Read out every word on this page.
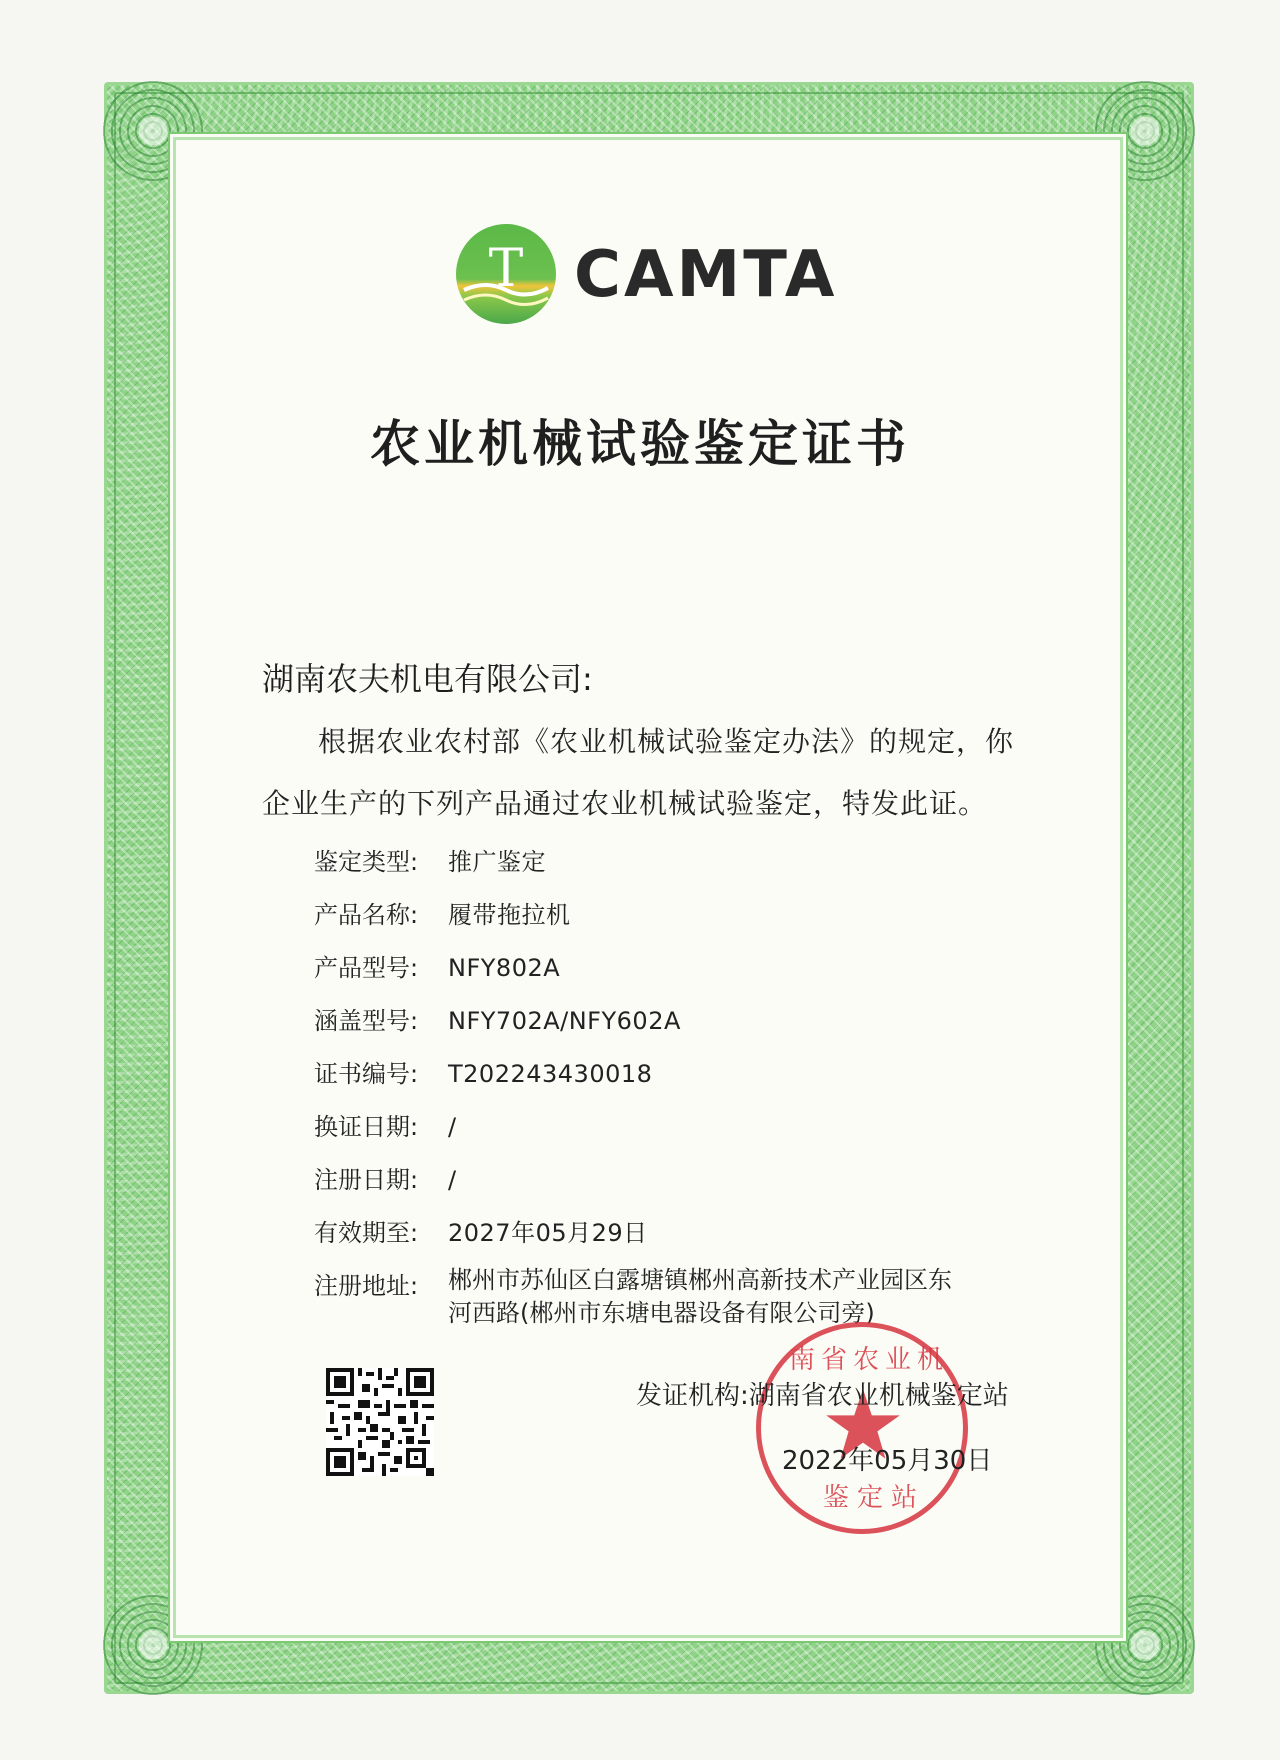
T CAMTA
农业机械试验鉴定证书
湖南农夫机电有限公司:
根据农业农村部《农业机械试验鉴定办法》的规定，你
企业生产的下列产品通过农业机械试验鉴定，特发此证。
鉴定类型: 推广鉴定
产品名称: 履带拖拉机
产品型号: NFY802A
涵盖型号: NFY702A/NFY602A
证书编号: T202243430018
换证日期: /
注册日期: /
有效期至: 2027年05月29日
注册地址:	郴州市苏仙区白露塘镇郴州高新技术产业园区东
河西路(郴州市东塘电器设备有限公司旁)
南省农业机
鉴定站
发证机构:湖南省农业机械鉴定站
2022年05月30日
